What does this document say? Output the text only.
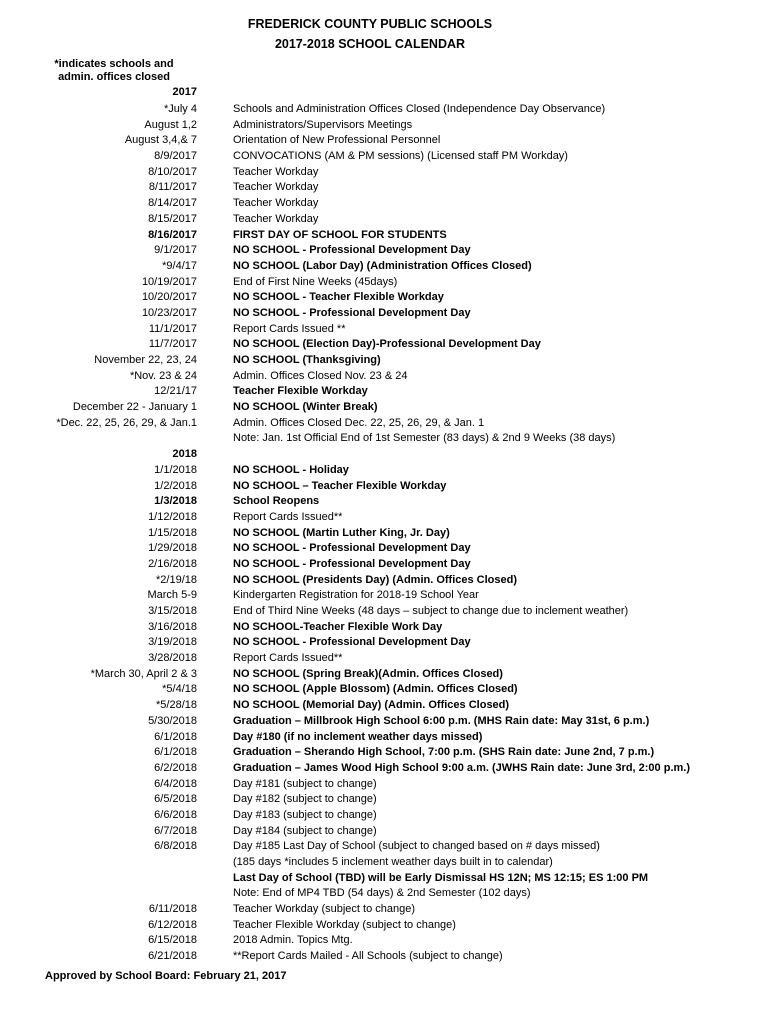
FREDERICK COUNTY PUBLIC SCHOOLS
2017-2018 SCHOOL CALENDAR
*indicates schools and admin. offices closed
2017
*July 4	Schools and Administration Offices Closed (Independence Day Observance)
August 1,2	Administrators/Supervisors Meetings
August 3,4,& 7	Orientation of New Professional Personnel
8/9/2017	CONVOCATIONS (AM & PM sessions) (Licensed staff PM Workday)
8/10/2017	Teacher Workday
8/11/2017	Teacher Workday
8/14/2017	Teacher Workday
8/15/2017	Teacher Workday
8/16/2017	FIRST DAY OF SCHOOL FOR STUDENTS
9/1/2017	NO SCHOOL - Professional Development Day
*9/4/17	NO SCHOOL (Labor Day) (Administration Offices Closed)
10/19/2017	End of First Nine Weeks (45days)
10/20/2017	NO SCHOOL - Teacher Flexible Workday
10/23/2017	NO SCHOOL - Professional Development Day
11/1/2017	Report Cards Issued **
11/7/2017	NO SCHOOL (Election Day)-Professional Development Day
November 22, 23, 24	NO SCHOOL (Thanksgiving)
*Nov. 23 & 24	Admin. Offices Closed Nov. 23 & 24
12/21/17	Teacher Flexible Workday
December 22 - January 1	NO SCHOOL (Winter Break)
*Dec. 22, 25, 26, 29, & Jan.1	Admin. Offices Closed Dec. 22, 25, 26, 29, & Jan. 1
Note: Jan. 1st Official End of 1st Semester (83 days) & 2nd 9 Weeks (38 days)
2018
1/1/2018	NO SCHOOL - Holiday
1/2/2018	NO SCHOOL – Teacher Flexible Workday
1/3/2018	School Reopens
1/12/2018	Report Cards Issued**
1/15/2018	NO SCHOOL (Martin Luther King, Jr. Day)
1/29/2018	NO SCHOOL - Professional Development Day
2/16/2018	NO SCHOOL - Professional Development Day
*2/19/18	NO SCHOOL (Presidents Day) (Admin. Offices Closed)
March 5-9	Kindergarten Registration for 2018-19 School Year
3/15/2018	End of Third Nine Weeks (48 days – subject to change due to inclement weather)
3/16/2018	NO SCHOOL-Teacher Flexible Work Day
3/19/2018	NO SCHOOL - Professional Development Day
3/28/2018	Report Cards Issued**
*March 30, April 2 & 3	NO SCHOOL (Spring Break)(Admin. Offices Closed)
*5/4/18	NO SCHOOL (Apple Blossom) (Admin. Offices Closed)
*5/28/18	NO SCHOOL (Memorial Day) (Admin. Offices Closed)
5/30/2018	Graduation – Millbrook High School 6:00 p.m. (MHS Rain date: May 31st, 6 p.m.)
6/1/2018	Day #180 (if no inclement weather days missed)
6/1/2018	Graduation – Sherando High School, 7:00 p.m. (SHS Rain date: June 2nd, 7 p.m.)
6/2/2018	Graduation – James Wood High School 9:00 a.m. (JWHS Rain date: June 3rd, 2:00 p.m.)
6/4/2018	Day #181 (subject to change)
6/5/2018	Day #182 (subject to change)
6/6/2018	Day #183 (subject to change)
6/7/2018	Day #184 (subject to change)
6/8/2018	Day #185 Last Day of School (subject to changed based on # days missed)
(185 days *includes 5 inclement weather days built in to calendar)
Last Day of School (TBD) will be Early Dismissal HS 12N; MS 12:15; ES 1:00 PM
Note: End of MP4 TBD (54 days) & 2nd Semester (102 days)
6/11/2018	Teacher Workday (subject to change)
6/12/2018	Teacher Flexible Workday (subject to change)
6/15/2018	2018 Admin. Topics Mtg.
6/21/2018	**Report Cards Mailed - All Schools (subject to change)
Approved by School Board: February 21, 2017
